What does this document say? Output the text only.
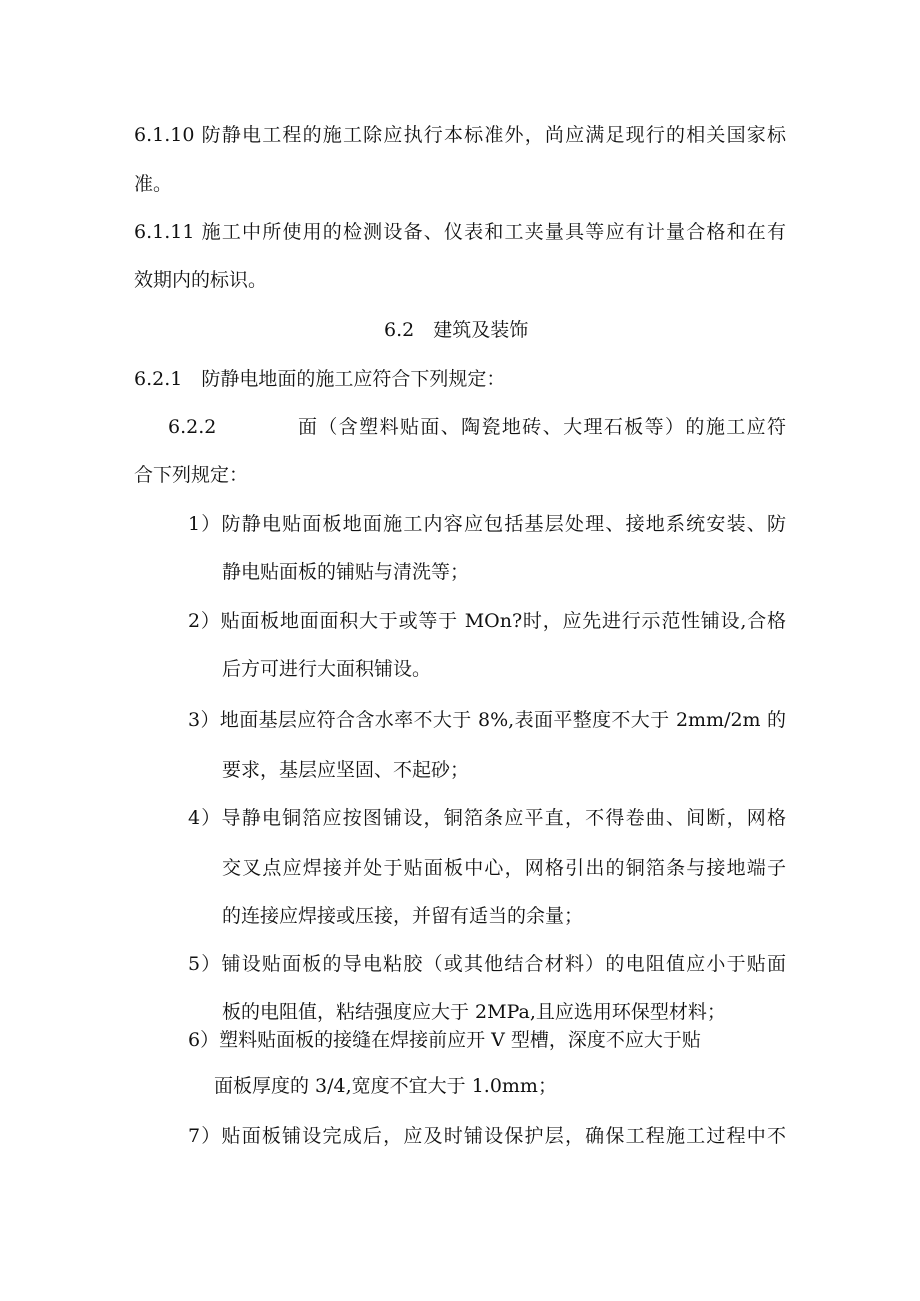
6.1.10 防静电工程的施工除应执行本标准外，尚应满足现行的相关国家标
准。
6.1.11 施工中所使用的检测设备、仪表和工夹量具等应有计量合格和在有
效期内的标识。
6.2　建筑及装饰
6.2.1　防静电地面的施工应符合下列规定：
6.2.2	面（含塑料贴面、陶瓷地砖、大理石板等）的施工应符
合下列规定：
1）防静电贴面板地面施工内容应包括基层处理、接地系统安装、防
静电贴面板的铺贴与清洗等；
2）贴面板地面面积大于或等于 MOn?时，应先进行示范性铺设,合格
后方可进行大面积铺设。
3）地面基层应符合含水率不大于 8%,表面平整度不大于 2mm∕2m 的
要求，基层应坚固、不起砂；
4）导静电铜箔应按图铺设，铜箔条应平直，不得卷曲、间断，网格
交叉点应焊接并处于贴面板中心，网格引出的铜箔条与接地端子
的连接应焊接或压接，并留有适当的余量；
5）铺设贴面板的导电粘胶（或其他结合材料）的电阻值应小于贴面
板的电阻值，粘结强度应大于 2MPa,且应选用环保型材料；
6）塑料贴面板的接缝在焊接前应开 V 型槽，深度不应大于贴
面板厚度的 3/4,宽度不宜大于 1.0mm；
7）贴面板铺设完成后，应及时铺设保护层，确保工程施工过程中不
